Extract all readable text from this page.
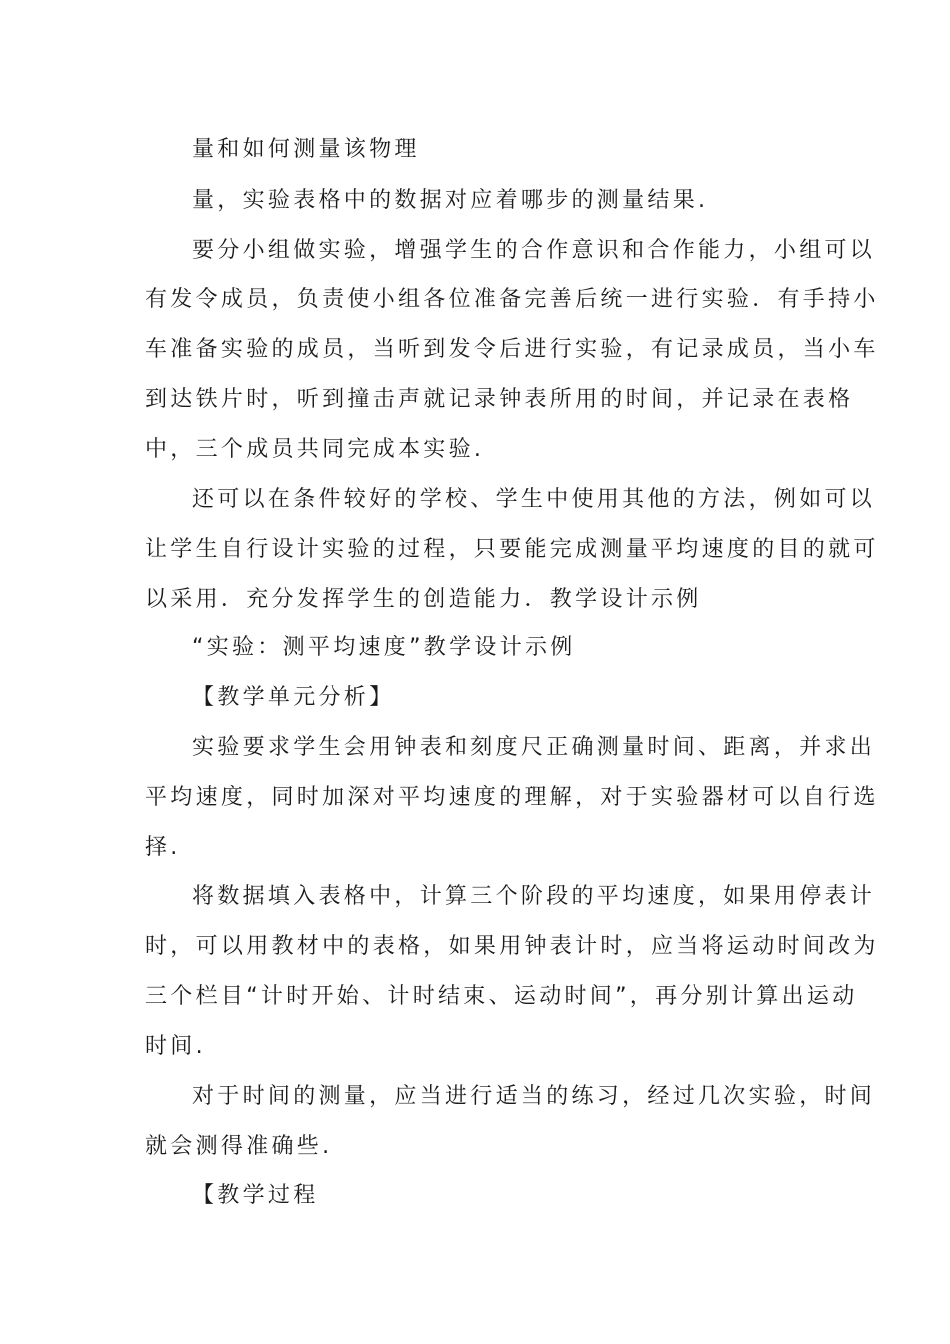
量和如何测量该物理
量，实验表格中的数据对应着哪步的测量结果.
要分小组做实验，增强学生的合作意识和合作能力，小组可以
有发令成员，负责使小组各位准备完善后统一进行实验．有手持小
车准备实验的成员，当听到发令后进行实验，有记录成员，当小车
到达铁片时，听到撞击声就记录钟表所用的时间，并记录在表格
中，三个成员共同完成本实验.
还可以在条件较好的学校、学生中使用其他的方法，例如可以
让学生自行设计实验的过程，只要能完成测量平均速度的目的就可
以采用．充分发挥学生的创造能力．教学设计示例
“实验：测平均速度”教学设计示例
【教学单元分析】
实验要求学生会用钟表和刻度尺正确测量时间、距离，并求出
平均速度，同时加深对平均速度的理解，对于实验器材可以自行选
择.
将数据填入表格中，计算三个阶段的平均速度，如果用停表计
时，可以用教材中的表格，如果用钟表计时，应当将运动时间改为
三个栏目“计时开始、计时结束、运动时间”，再分别计算出运动
时间.
对于时间的测量，应当进行适当的练习，经过几次实验，时间
就会测得准确些.
【教学过程
